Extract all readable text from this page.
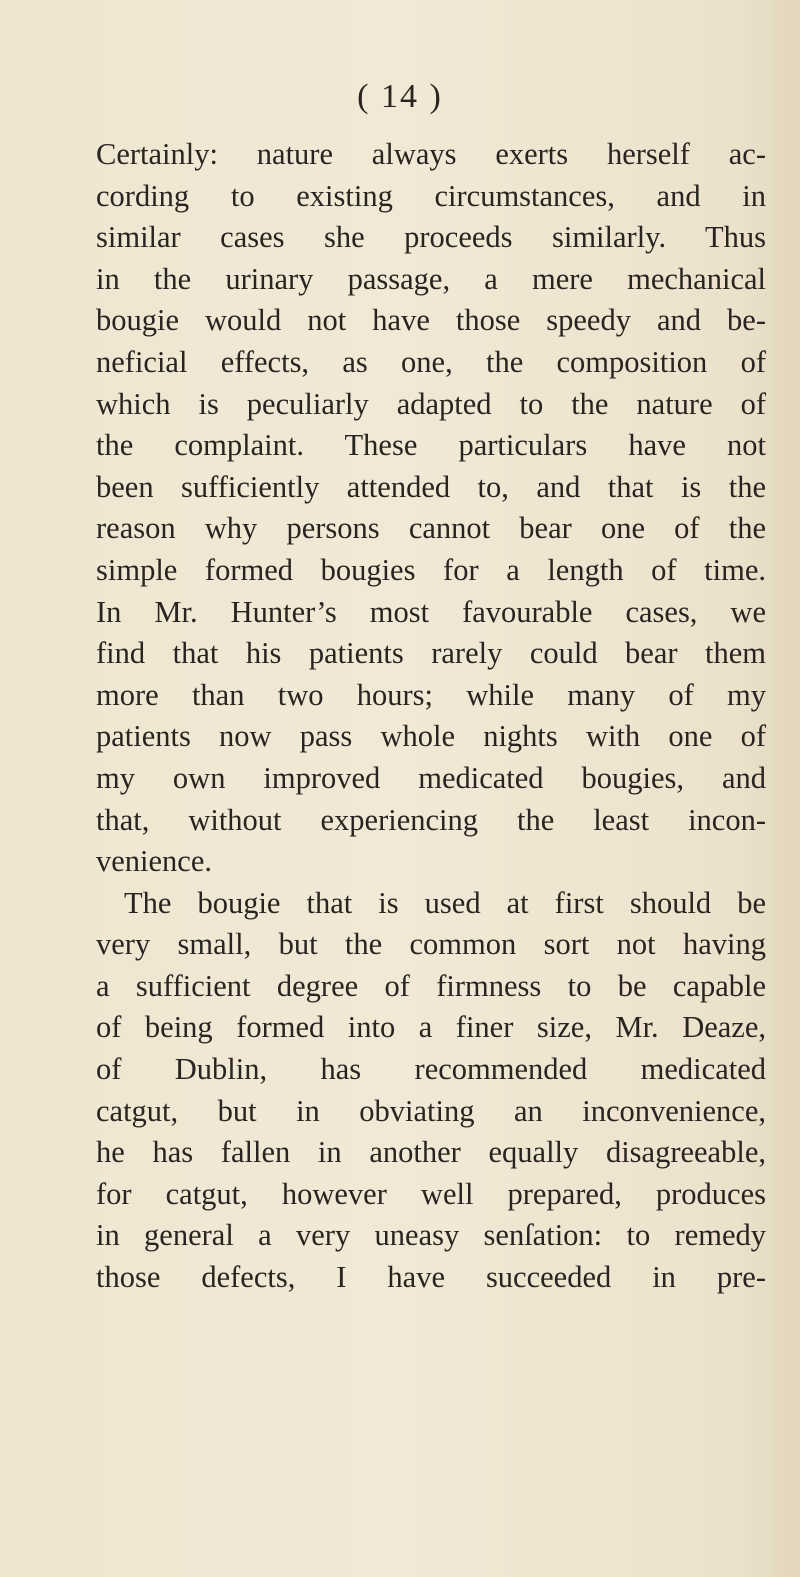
( 14 )
Certainly: nature always exerts herself ac-
cording to existing circumstances, and in
similar cases she proceeds similarly. Thus
in the urinary passage, a mere mechanical
bougie would not have those speedy and be-
neficial effects, as one, the composition of
which is peculiarly adapted to the nature of
the complaint. These particulars have not
been sufficiently attended to, and that is the
reason why persons cannot bear one of the
simple formed bougies for a length of time.
In Mr. Hunter’s most favourable cases, we
find that his patients rarely could bear them
more than two hours; while many of my
patients now pass whole nights with one of
my own improved medicated bougies, and
that, without experiencing the least incon-
venience.
The bougie that is used at first should be
very small, but the common sort not having
a sufficient degree of firmness to be capable
of being formed into a finer size, Mr. Deaze,
of Dublin, has recommended medicated
catgut, but in obviating an inconvenience,
he has fallen in another equally disagreeable,
for catgut, however well prepared, produces
in general a very uneasy senſation: to remedy
those defects, I have succeeded in pre-
